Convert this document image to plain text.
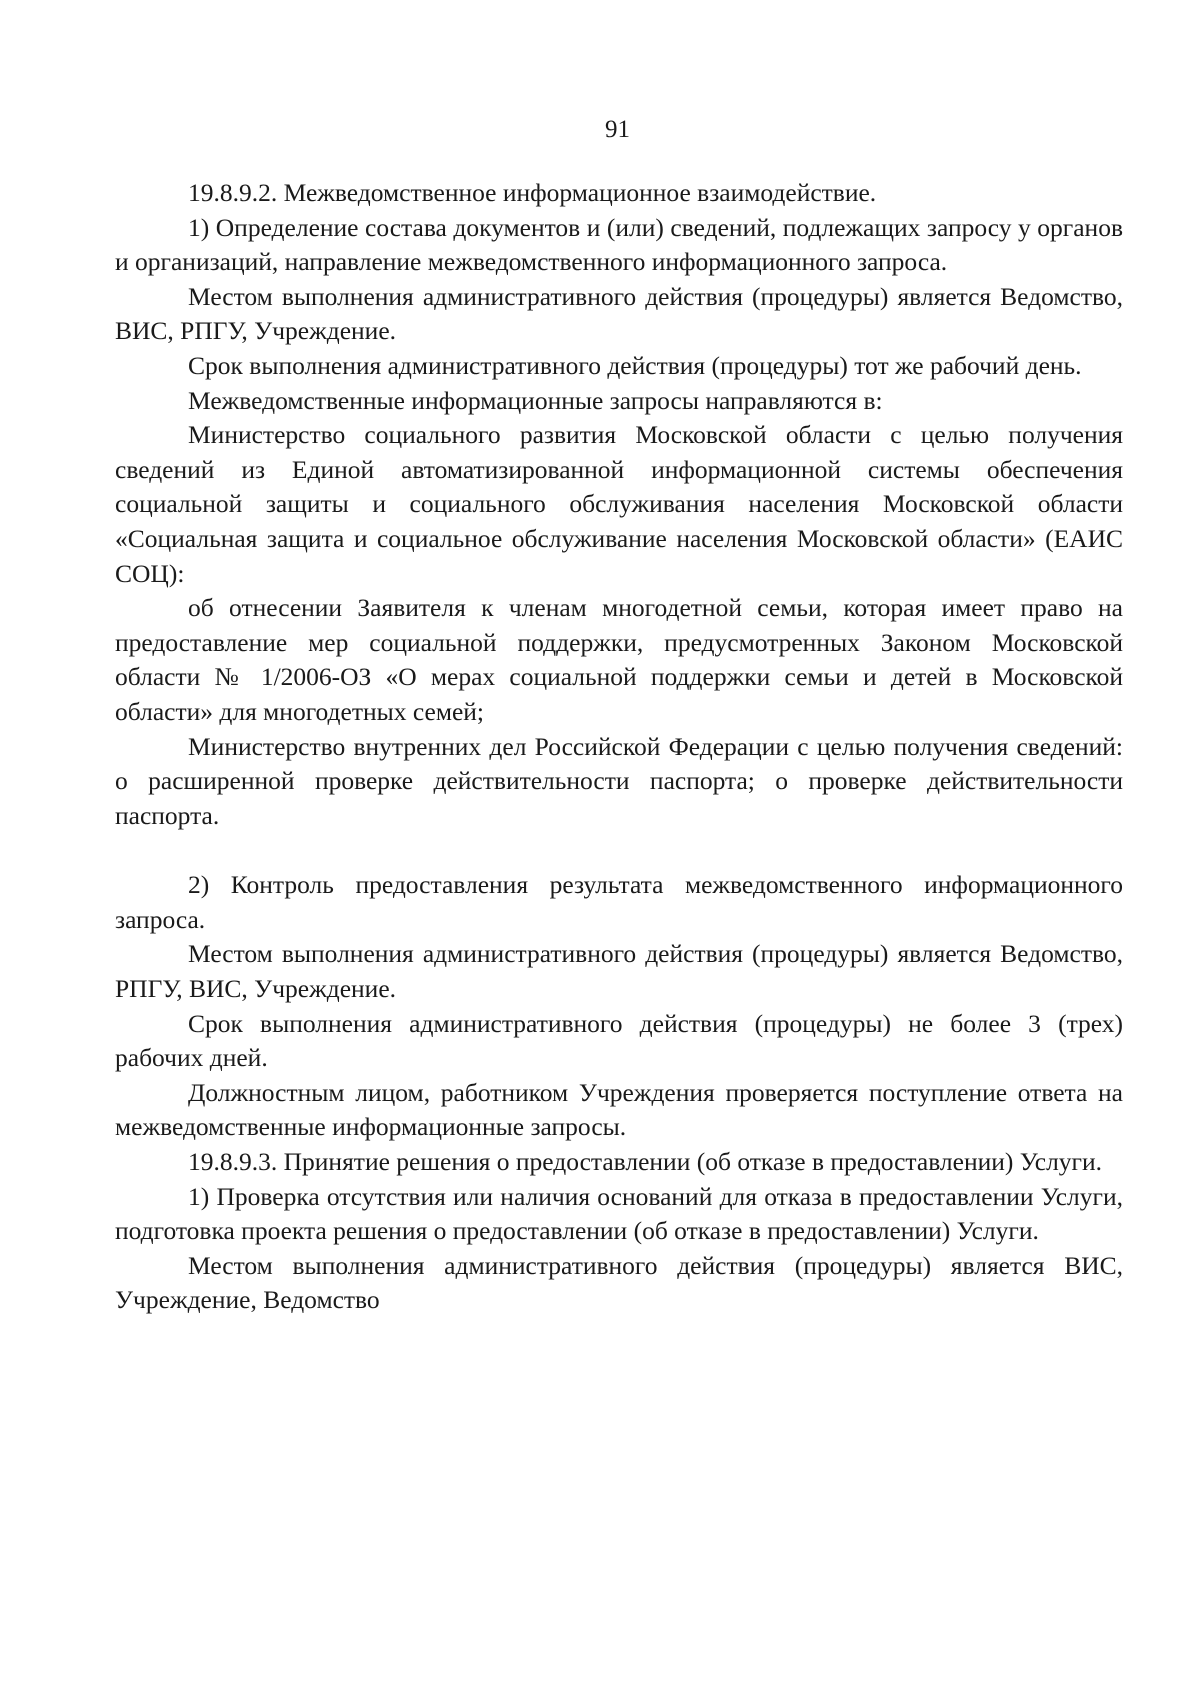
91

19.8.9.2. Межведомственное информационное взаимодействие.

1) Определение состава документов и (или) сведений, подлежащих запросу у органов и организаций, направление межведомственного информационного запроса.

Местом выполнения административного действия (процедуры) является Ведомство, ВИС, РПГУ, Учреждение.

Срок выполнения административного действия (процедуры) тот же рабочий день.

Межведомственные информационные запросы направляются в:

Министерство социального развития Московской области с целью получения сведений из Единой автоматизированной информационной системы обеспечения социальной защиты и социального обслуживания населения Московской области «Социальная защита и социальное обслуживание населения Московской области» (ЕАИС СОЦ):

об отнесении Заявителя к членам многодетной семьи, которая имеет право на предоставление мер социальной поддержки, предусмотренных Законом Московской области № 1/2006-ОЗ «О мерах социальной поддержки семьи и детей в Московской области» для многодетных семей;

Министерство внутренних дел Российской Федерации с целью получения сведений: о расширенной проверке действительности паспорта; о проверке действительности паспорта.

2) Контроль предоставления результата межведомственного информационного запроса.

Местом выполнения административного действия (процедуры) является Ведомство, РПГУ, ВИС, Учреждение.

Срок выполнения административного действия (процедуры) не более 3 (трех) рабочих дней.

Должностным лицом, работником Учреждения проверяется поступление ответа на межведомственные информационные запросы.

19.8.9.3. Принятие решения о предоставлении (об отказе в предоставлении) Услуги.

1) Проверка отсутствия или наличия оснований для отказа в предоставлении Услуги, подготовка проекта решения о предоставлении (об отказе в предоставлении) Услуги.

Местом выполнения административного действия (процедуры) является ВИС, Учреждение, Ведомство
